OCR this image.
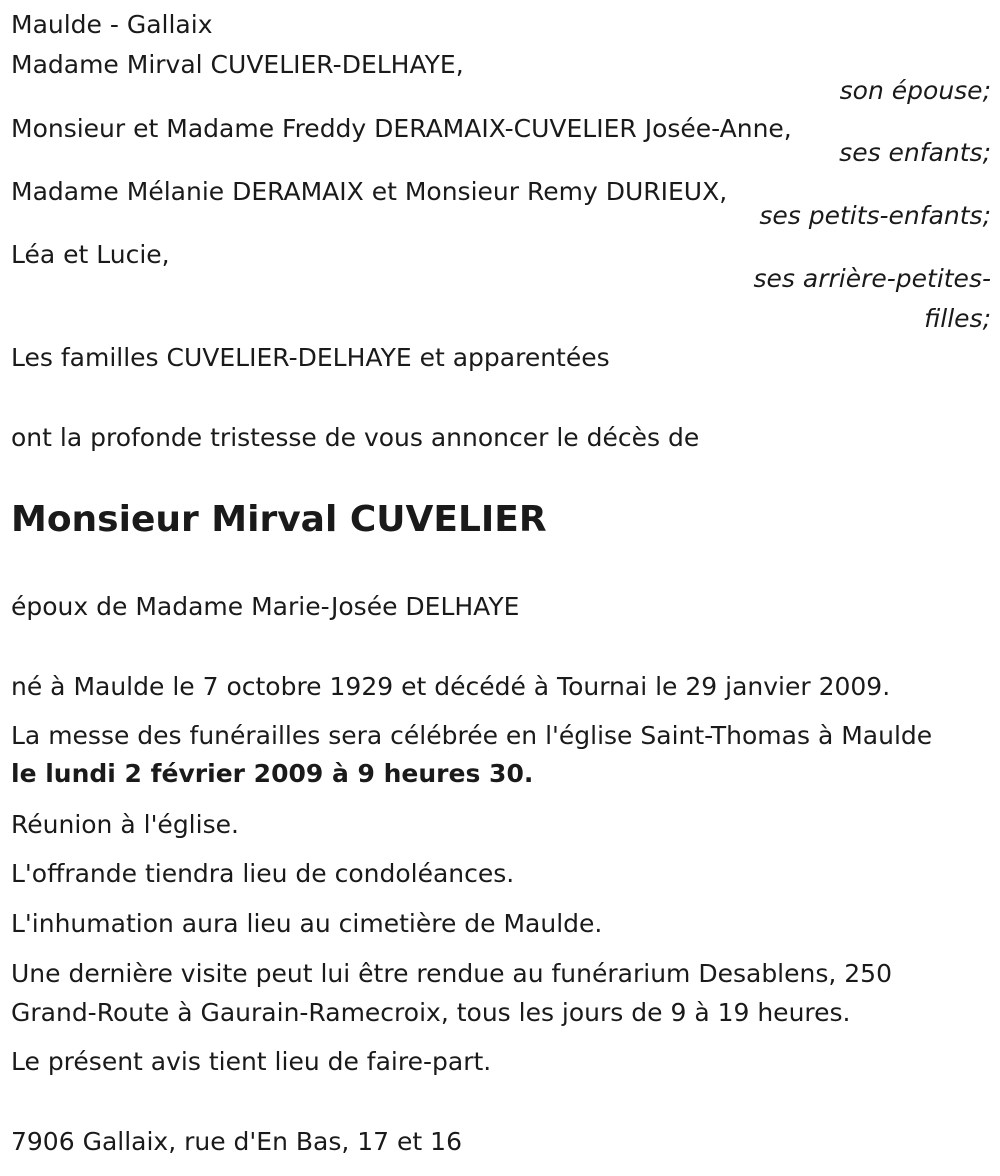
Maulde - Gallaix
Madame Mirval CUVELIER-DELHAYE,
son épouse;
Monsieur et Madame Freddy DERAMAIX-CUVELIER Josée-Anne,
ses enfants;
Madame Mélanie DERAMAIX et Monsieur Remy DURIEUX,
ses petits-enfants;
Léa et Lucie,
ses arrière-petites-
filles;
Les familles CUVELIER-DELHAYE et apparentées
ont la profonde tristesse de vous annoncer le décès de
Monsieur Mirval CUVELIER
époux de Madame Marie-Josée DELHAYE
né à Maulde le 7 octobre 1929 et décédé à Tournai le 29 janvier 2009.
La messe des funérailles sera célébrée en l'église Saint-Thomas à Maulde
le lundi 2 février 2009 à 9 heures 30.
Réunion à l'église.
L'offrande tiendra lieu de condoléances.
L'inhumation aura lieu au cimetière de Maulde.
Une dernière visite peut lui être rendue au funérarium Desablens, 250
Grand-Route à Gaurain-Ramecroix, tous les jours de 9 à 19 heures.
Le présent avis tient lieu de faire-part.
7906 Gallaix, rue d'En Bas, 17 et 16
